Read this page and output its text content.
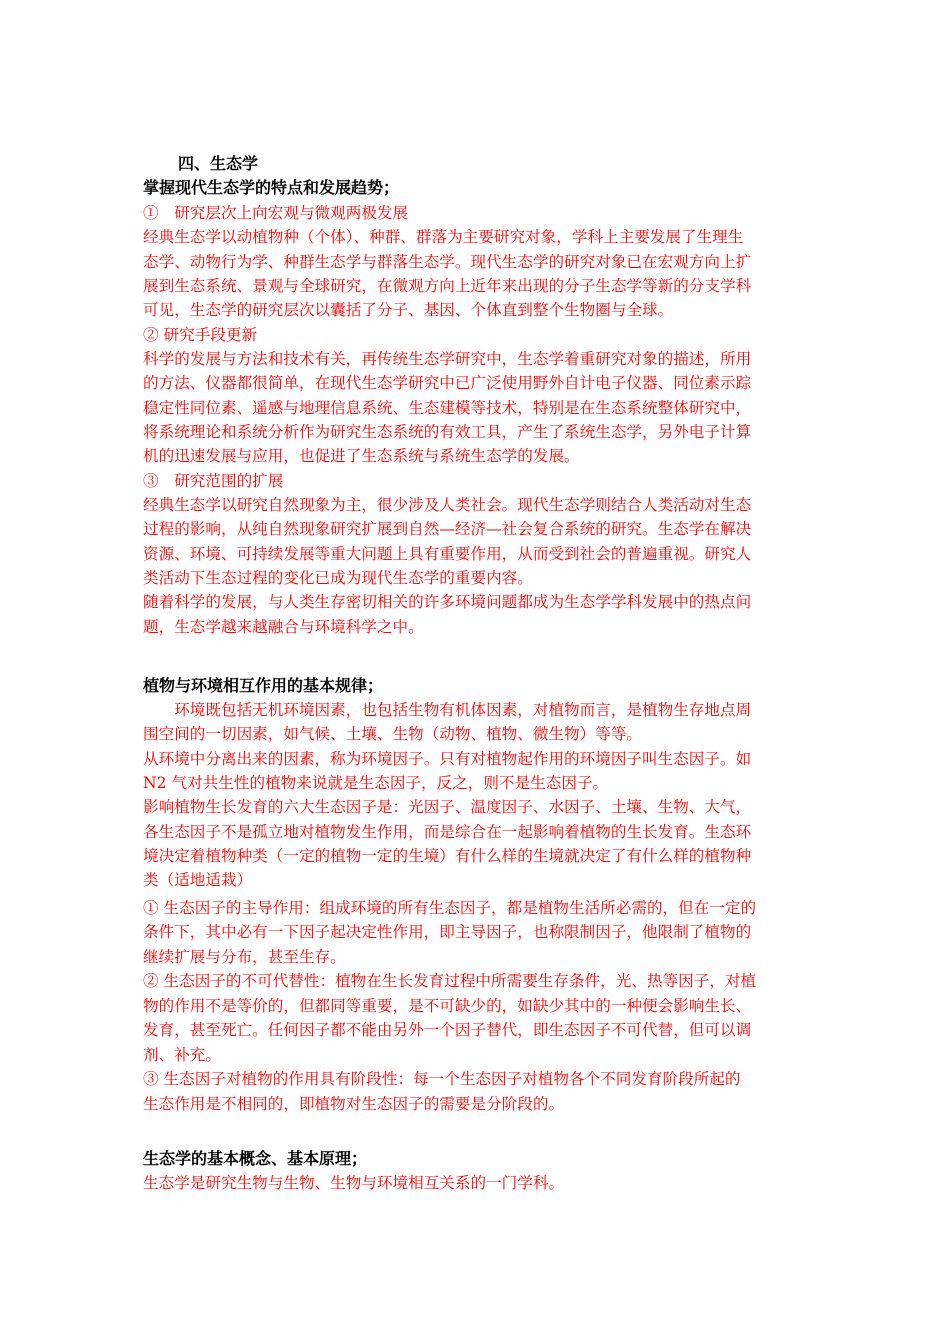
四、生态学
掌握现代生态学的特点和发展趋势；
①　研究层次上向宏观与微观两极发展
经典生态学以动植物种（个体）、种群、群落为主要研究对象，学科上主要发展了生理生
态学、动物行为学、种群生态学与群落生态学。现代生态学的研究对象已在宏观方向上扩
展到生态系统、景观与全球研究，在微观方向上近年来出现的分子生态学等新的分支学科
可见，生态学的研究层次以囊括了分子、基因、个体直到整个生物圈与全球。
② 研究手段更新
科学的发展与方法和技术有关，再传统生态学研究中，生态学着重研究对象的描述，所用
的方法、仪器都很简单，在现代生态学研究中已广泛使用野外自计电子仪器、同位素示踪
稳定性同位素、遥感与地理信息系统、生态建模等技术，特别是在生态系统整体研究中，
将系统理论和系统分析作为研究生态系统的有效工具，产生了系统生态学，另外电子计算
机的迅速发展与应用，也促进了生态系统与系统生态学的发展。
③　研究范围的扩展
经典生态学以研究自然现象为主，很少涉及人类社会。现代生态学则结合人类活动对生态
过程的影响，从纯自然现象研究扩展到自然—经济—社会复合系统的研究。生态学在解决
资源、环境、可持续发展等重大问题上具有重要作用，从而受到社会的普遍重视。研究人
类活动下生态过程的变化已成为现代生态学的重要内容。
随着科学的发展，与人类生存密切相关的许多环境问题都成为生态学学科发展中的热点问
题，生态学越来越融合与环境科学之中。
植物与环境相互作用的基本规律；
　　环境既包括无机环境因素，也包括生物有机体因素，对植物而言，是植物生存地点周
围空间的一切因素，如气候、土壤、生物（动物、植物、微生物）等等。
从环境中分离出来的因素，称为环境因子。只有对植物起作用的环境因子叫生态因子。如
N2 气对共生性的植物来说就是生态因子，反之，则不是生态因子。
影响植物生长发育的六大生态因子是：光因子、温度因子、水因子、土壤、生物、大气，
各生态因子不是孤立地对植物发生作用，而是综合在一起影响着植物的生长发育。生态环
境决定着植物种类（一定的植物一定的生境）有什么样的生境就决定了有什么样的植物种
类（适地适栽）
① 生态因子的主导作用：组成环境的所有生态因子，都是植物生活所必需的，但在一定的
条件下，其中必有一下因子起决定性作用，即主导因子，也称限制因子，他限制了植物的
继续扩展与分布，甚至生存。
② 生态因子的不可代替性：植物在生长发育过程中所需要生存条件，光、热等因子，对植
物的作用不是等价的，但都同等重要，是不可缺少的，如缺少其中的一种便会影响生长、
发育，甚至死亡。任何因子都不能由另外一个因子替代，即生态因子不可代替，但可以调
剂、补充。
③ 生态因子对植物的作用具有阶段性：每一个生态因子对植物各个不同发育阶段所起的
生态作用是不相同的，即植物对生态因子的需要是分阶段的。
生态学的基本概念、基本原理；
生态学是研究生物与生物、生物与环境相互关系的一门学科。
